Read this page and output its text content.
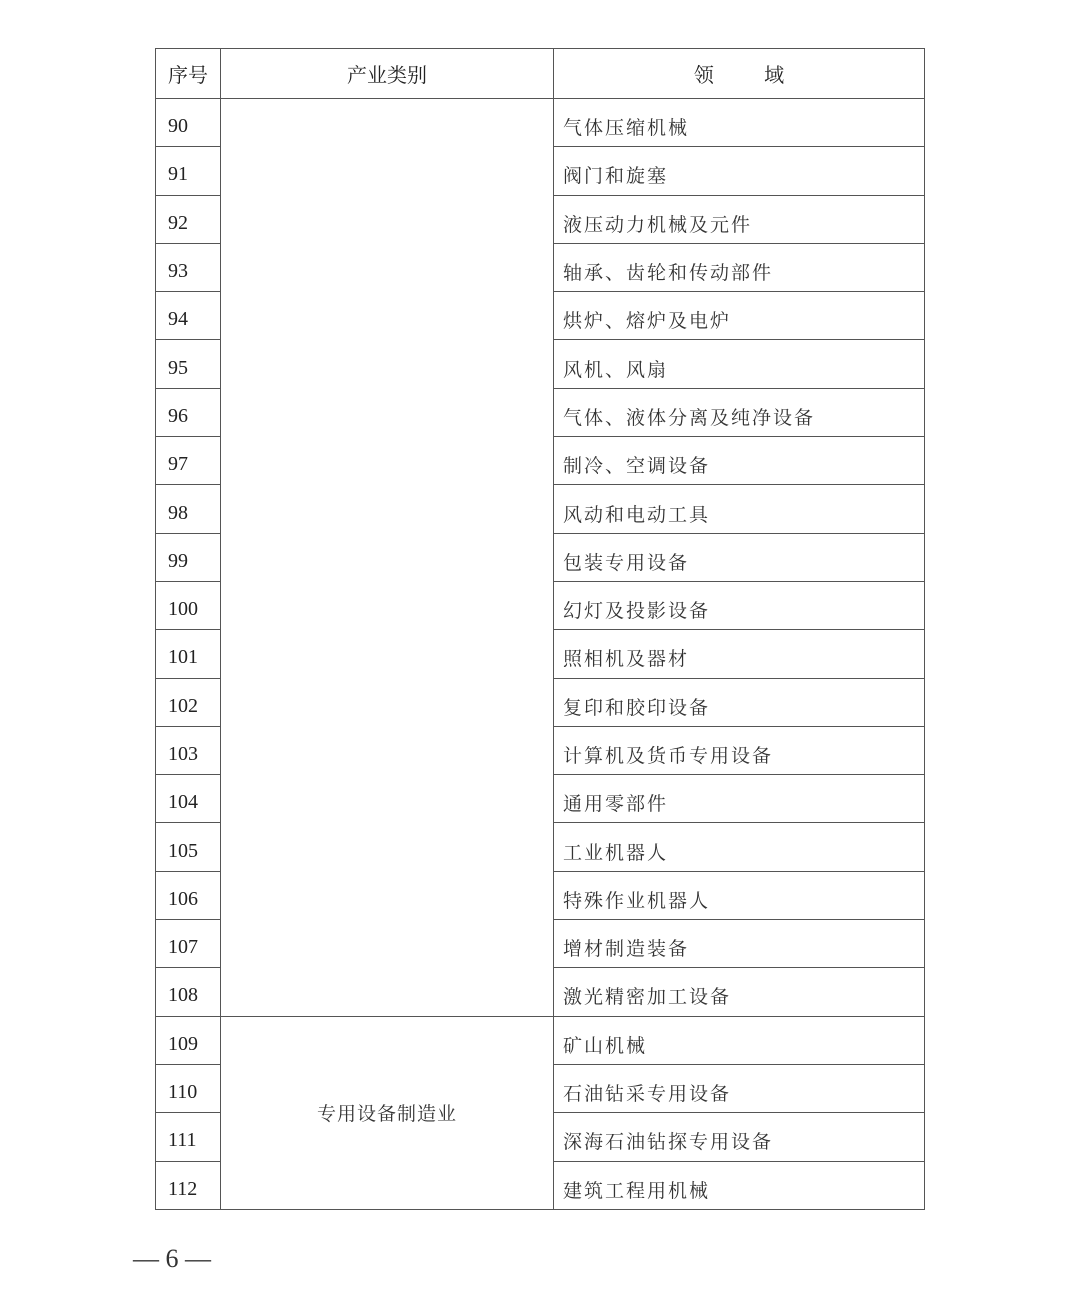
序号	产业类别	领 域
90		气体压缩机械
91		阀门和旋塞
92		液压动力机械及元件
93		轴承、齿轮和传动部件
94		烘炉、熔炉及电炉
95		风机、风扇
96		气体、液体分离及纯净设备
97		制冷、空调设备
98		风动和电动工具
99		包装专用设备
100		幻灯及投影设备
101		照相机及器材
102		复印和胶印设备
103		计算机及货币专用设备
104		通用零部件
105		工业机器人
106		特殊作业机器人
107		增材制造装备
108		激光精密加工设备
109	专用设备制造业	矿山机械
110		石油钻采专用设备
111		深海石油钻探专用设备
112		建筑工程用机械
— 6 —
